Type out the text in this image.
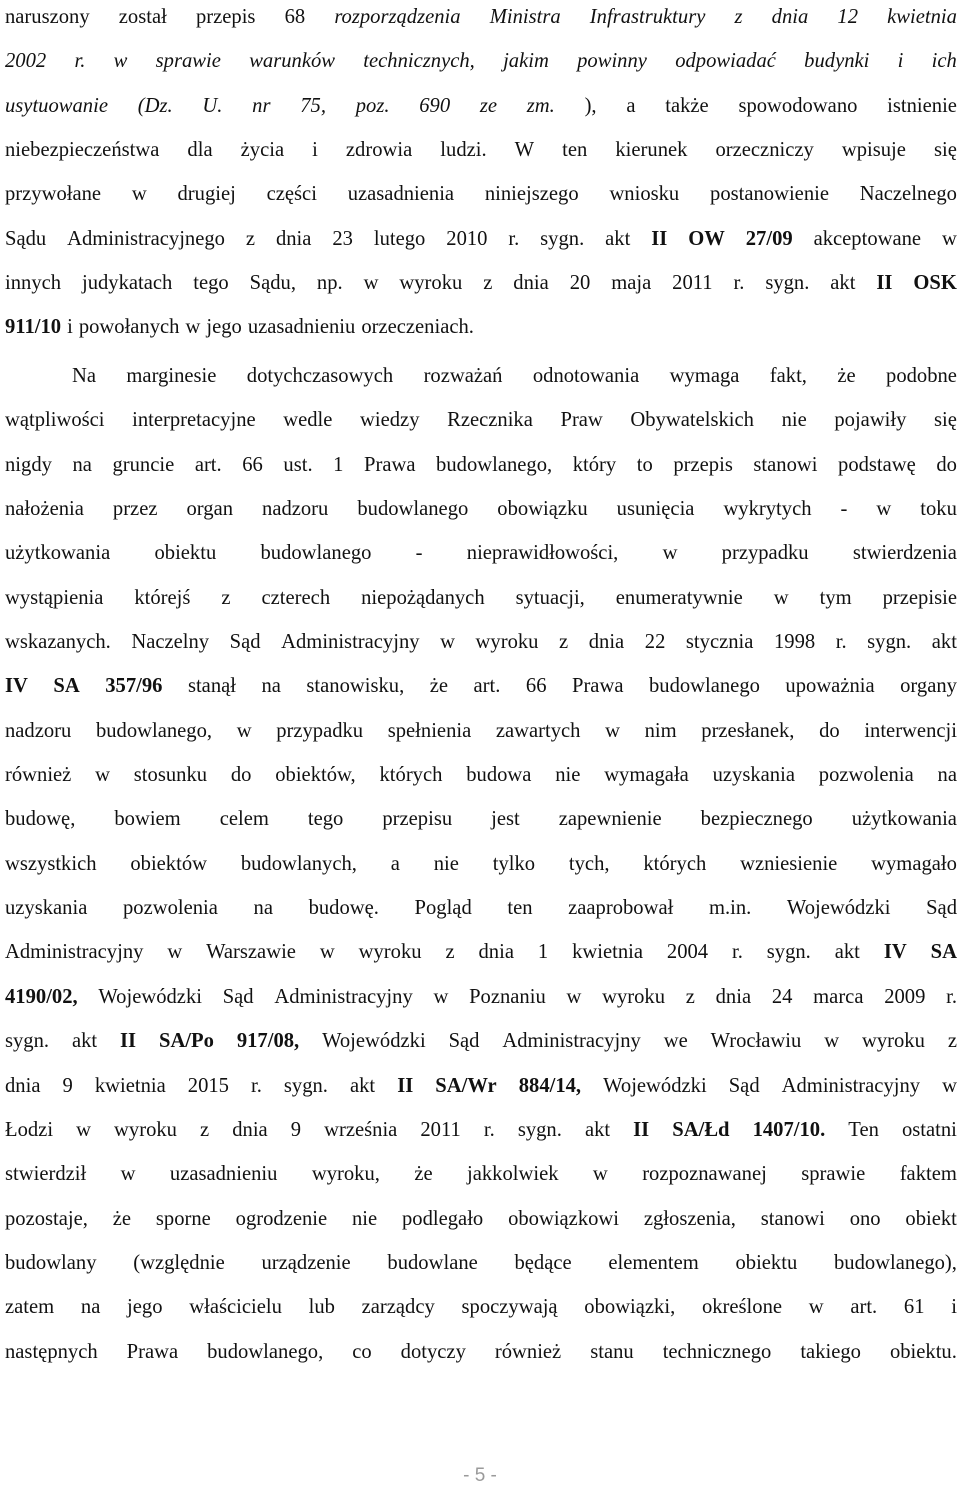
naruszony został przepis 68 rozporządzenia Ministra Infrastruktury z dnia 12 kwietnia
2002 r. w sprawie warunków technicznych, jakim powinny odpowiadać budynki i ich
usytuowanie (Dz. U. nr 75, poz. 690 ze zm. ), a także spowodowano istnienie
niebezpieczeństwa dla życia i zdrowia ludzi. W ten kierunek orzeczniczy wpisuje się
przywołane w drugiej części uzasadnienia niniejszego wniosku postanowienie Naczelnego
Sądu Administracyjnego z dnia 23 lutego 2010 r. sygn. akt II OW 27/09 akceptowane w
innych judykatach tego Sądu, np. w wyroku z dnia 20 maja 2011 r. sygn. akt II OSK
911/10 i powołanych w jego uzasadnieniu orzeczeniach.
Na marginesie dotychczasowych rozważań odnotowania wymaga fakt, że podobne
wątpliwości interpretacyjne wedle wiedzy Rzecznika Praw Obywatelskich nie pojawiły się
nigdy na gruncie art. 66 ust. 1 Prawa budowlanego, który to przepis stanowi podstawę do
nałożenia przez organ nadzoru budowlanego obowiązku usunięcia wykrytych - w toku
użytkowania obiektu budowlanego - nieprawidłowości, w przypadku stwierdzenia
wystąpienia którejś z czterech niepożądanych sytuacji, enumeratywnie w tym przepisie
wskazanych. Naczelny Sąd Administracyjny w wyroku z dnia 22 stycznia 1998 r. sygn. akt
IV SA 357/96 stanął na stanowisku, że art. 66 Prawa budowlanego upoważnia organy
nadzoru budowlanego, w przypadku spełnienia zawartych w nim przesłanek, do interwencji
również w stosunku do obiektów, których budowa nie wymagała uzyskania pozwolenia na
budowę, bowiem celem tego przepisu jest zapewnienie bezpiecznego użytkowania
wszystkich obiektów budowlanych, a nie tylko tych, których wzniesienie wymagało
uzyskania pozwolenia na budowę. Pogląd ten zaaprobował m.in. Wojewódzki Sąd
Administracyjny w Warszawie w wyroku z dnia 1 kwietnia 2004 r. sygn. akt IV SA
4190/02, Wojewódzki Sąd Administracyjny w Poznaniu w wyroku z dnia 24 marca 2009 r.
sygn. akt II SA/Po 917/08, Wojewódzki Sąd Administracyjny we Wrocławiu w wyroku z
dnia 9 kwietnia 2015 r. sygn. akt II SA/Wr 884/14, Wojewódzki Sąd Administracyjny w
Łodzi w wyroku z dnia 9 września 2011 r. sygn. akt II SA/Łd 1407/10. Ten ostatni
stwierdził w uzasadnieniu wyroku, że jakkolwiek w rozpoznawanej sprawie faktem
pozostaje, że sporne ogrodzenie nie podlegało obowiązkowi zgłoszenia, stanowi ono obiekt
budowlany (względnie urządzenie budowlane będące elementem obiektu budowlanego),
zatem na jego właścicielu lub zarządcy spoczywają obowiązki, określone w art. 61 i
następnych Prawa budowlanego, co dotyczy również stanu technicznego takiego obiektu.
- 5 -
